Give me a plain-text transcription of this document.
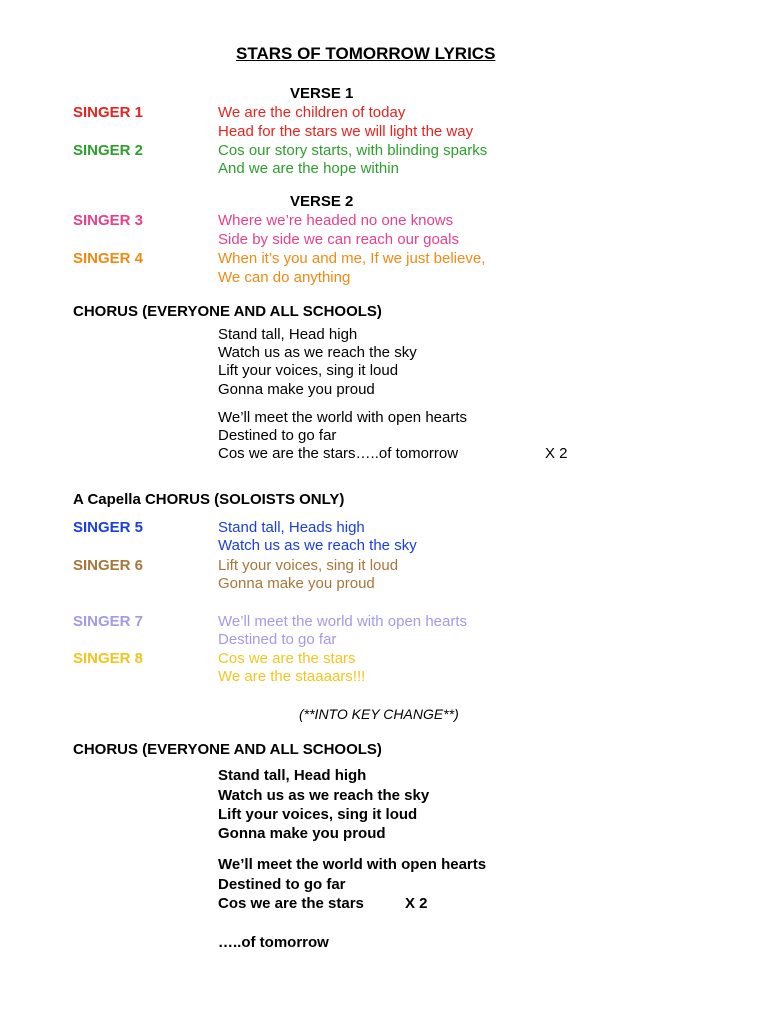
STARS OF TOMORROW LYRICS
VERSE 1
SINGER 1	We are the children of today
Head for the stars we will light the way
SINGER 2	Cos our story starts, with blinding sparks
And we are the hope within
VERSE 2
SINGER 3	Where we’re headed no one knows
Side by side we can reach our goals
SINGER 4	When it’s you and me, If we just believe,
We can do anything
CHORUS (EVERYONE AND ALL SCHOOLS)
Stand tall, Head high
Watch us as we reach the sky
Lift your voices, sing it loud
Gonna make you proud
We’ll meet the world with open hearts
Destined to go far
Cos we are the stars…..of tomorrow	X 2
A Capella CHORUS (SOLOISTS ONLY)
SINGER 5	Stand tall, Heads high
Watch us as we reach the sky
SINGER 6	Lift your voices, sing it loud
Gonna make you proud
SINGER 7	We’ll meet the world with open hearts
Destined to go far
SINGER 8	Cos we are the stars
We are the staaaars!!!
(**INTO KEY CHANGE**)
CHORUS (EVERYONE AND ALL SCHOOLS)
Stand tall, Head high
Watch us as we reach the sky
Lift your voices, sing it loud
Gonna make you proud
We’ll meet the world with open hearts
Destined to go far
Cos we are the stars	X 2
…..of tomorrow
